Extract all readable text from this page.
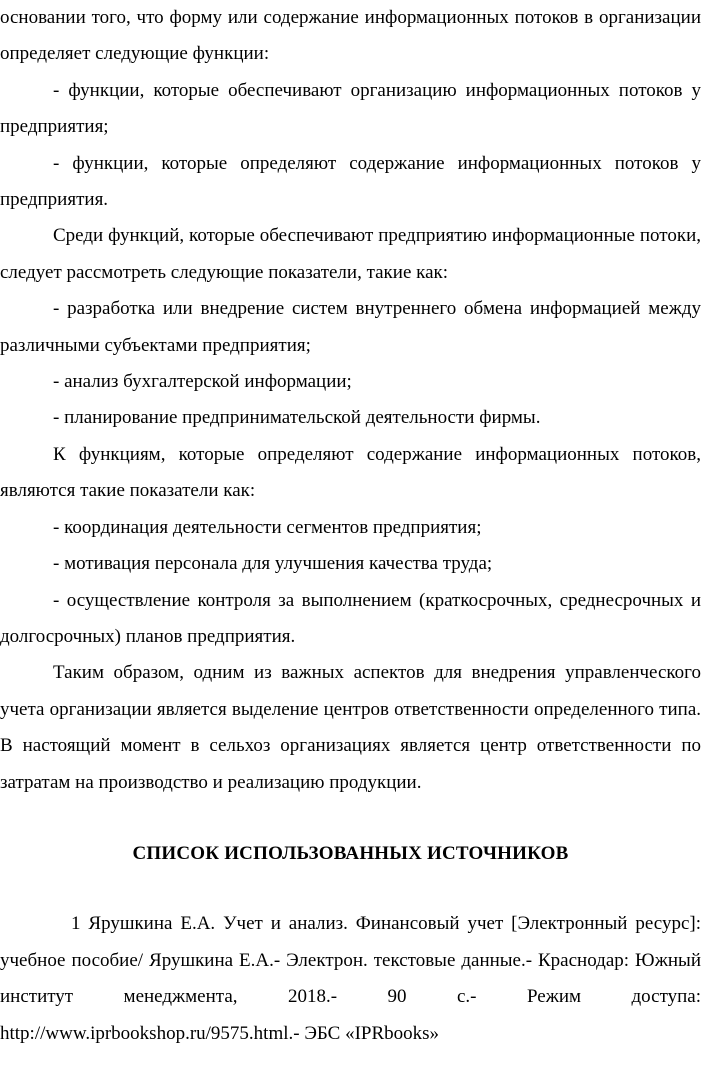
основании того, что форму или содержание информационных потоков в организации определяет следующие функции:

- функции, которые обеспечивают организацию информационных потоков у предприятия;

- функции, которые определяют содержание информационных потоков у предприятия.

Среди функций, которые обеспечивают предприятию информационные потоки, следует рассмотреть следующие показатели, такие как:

- разработка или внедрение систем внутреннего обмена информацией между различными субъектами предприятия;

- анализ бухгалтерской информации;

- планирование предпринимательской деятельности фирмы.

К функциям, которые определяют содержание информационных потоков, являются такие показатели как:

- координация деятельности сегментов предприятия;

- мотивация персонала для улучшения качества труда;

- осуществление контроля за выполнением (краткосрочных, среднесрочных и долгосрочных) планов предприятия.

Таким образом, одним из важных аспектов для внедрения управленческого учета организации является выделение центров ответственности определенного типа. В настоящий момент в сельхоз организациях является центр ответственности по затратам на производство и реализацию продукции.

СПИСОК ИСПОЛЬЗОВАННЫХ ИСТОЧНИКОВ

1 Ярушкина Е.А. Учет и анализ. Финансовый учет [Электронный ресурс]: учебное пособие/ Ярушкина Е.А.- Электрон. текстовые данные.- Краснодар: Южный институт менеджмента, 2018.- 90 с.- Режим доступа: http://www.iprbookshop.ru/9575.html.- ЭБС «IPRbooks»
